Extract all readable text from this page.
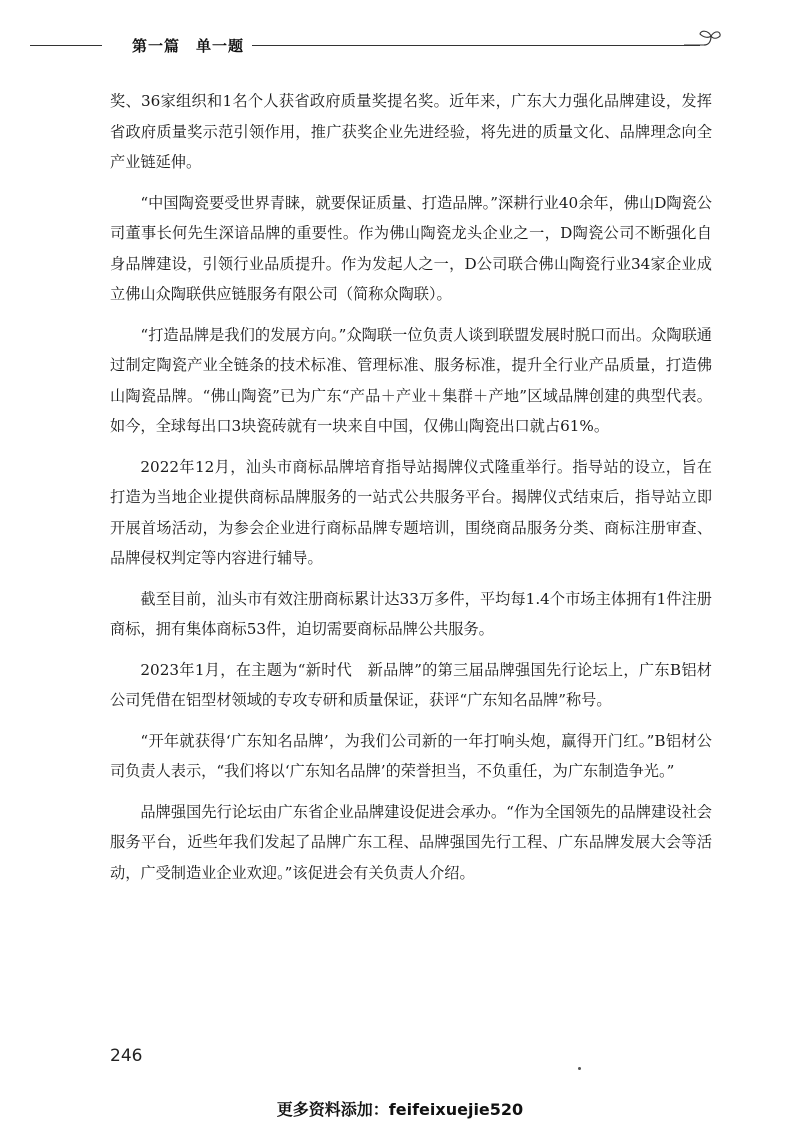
第一篇　单一题

奖、36家组织和1名个人获省政府质量奖提名奖。近年来，广东大力强化品牌建设，发挥省政府质量奖示范引领作用，推广获奖企业先进经验，将先进的质量文化、品牌理念向全产业链延伸。

“中国陶瓷要受世界青睐，就要保证质量、打造品牌。”深耕行业40余年，佛山D陶瓷公司董事长何先生深谙品牌的重要性。作为佛山陶瓷龙头企业之一，D陶瓷公司不断强化自身品牌建设，引领行业品质提升。作为发起人之一，D公司联合佛山陶瓷行业34家企业成立佛山众陶联供应链服务有限公司（简称众陶联）。

“打造品牌是我们的发展方向。”众陶联一位负责人谈到联盟发展时脱口而出。众陶联通过制定陶瓷产业全链条的技术标准、管理标准、服务标准，提升全行业产品质量，打造佛山陶瓷品牌。“佛山陶瓷”已为广东“产品＋产业＋集群＋产地”区域品牌创建的典型代表。如今，全球每出口3块瓷砖就有一块来自中国，仅佛山陶瓷出口就占61%。

2022年12月，汕头市商标品牌培育指导站揭牌仪式隆重举行。指导站的设立，旨在打造为当地企业提供商标品牌服务的一站式公共服务平台。揭牌仪式结束后，指导站立即开展首场活动，为参会企业进行商标品牌专题培训，围绕商品服务分类、商标注册审查、品牌侵权判定等内容进行辅导。

截至目前，汕头市有效注册商标累计达33万多件，平均每1.4个市场主体拥有1件注册商标，拥有集体商标53件，迫切需要商标品牌公共服务。

2023年1月，在主题为“新时代　新品牌”的第三届品牌强国先行论坛上，广东B铝材公司凭借在铝型材领域的专攻专研和质量保证，获评“广东知名品牌”称号。

“开年就获得‘广东知名品牌’，为我们公司新的一年打响头炮，赢得开门红。”B铝材公司负责人表示，“我们将以‘广东知名品牌’的荣誉担当，不负重任，为广东制造争光。”

品牌强国先行论坛由广东省企业品牌建设促进会承办。“作为全国领先的品牌建设社会服务平台，近些年我们发起了品牌广东工程、品牌强国先行工程、广东品牌发展大会等活动，广受制造业企业欢迎。”该促进会有关负责人介绍。

246
更多资料添加：feifeixuejie520
